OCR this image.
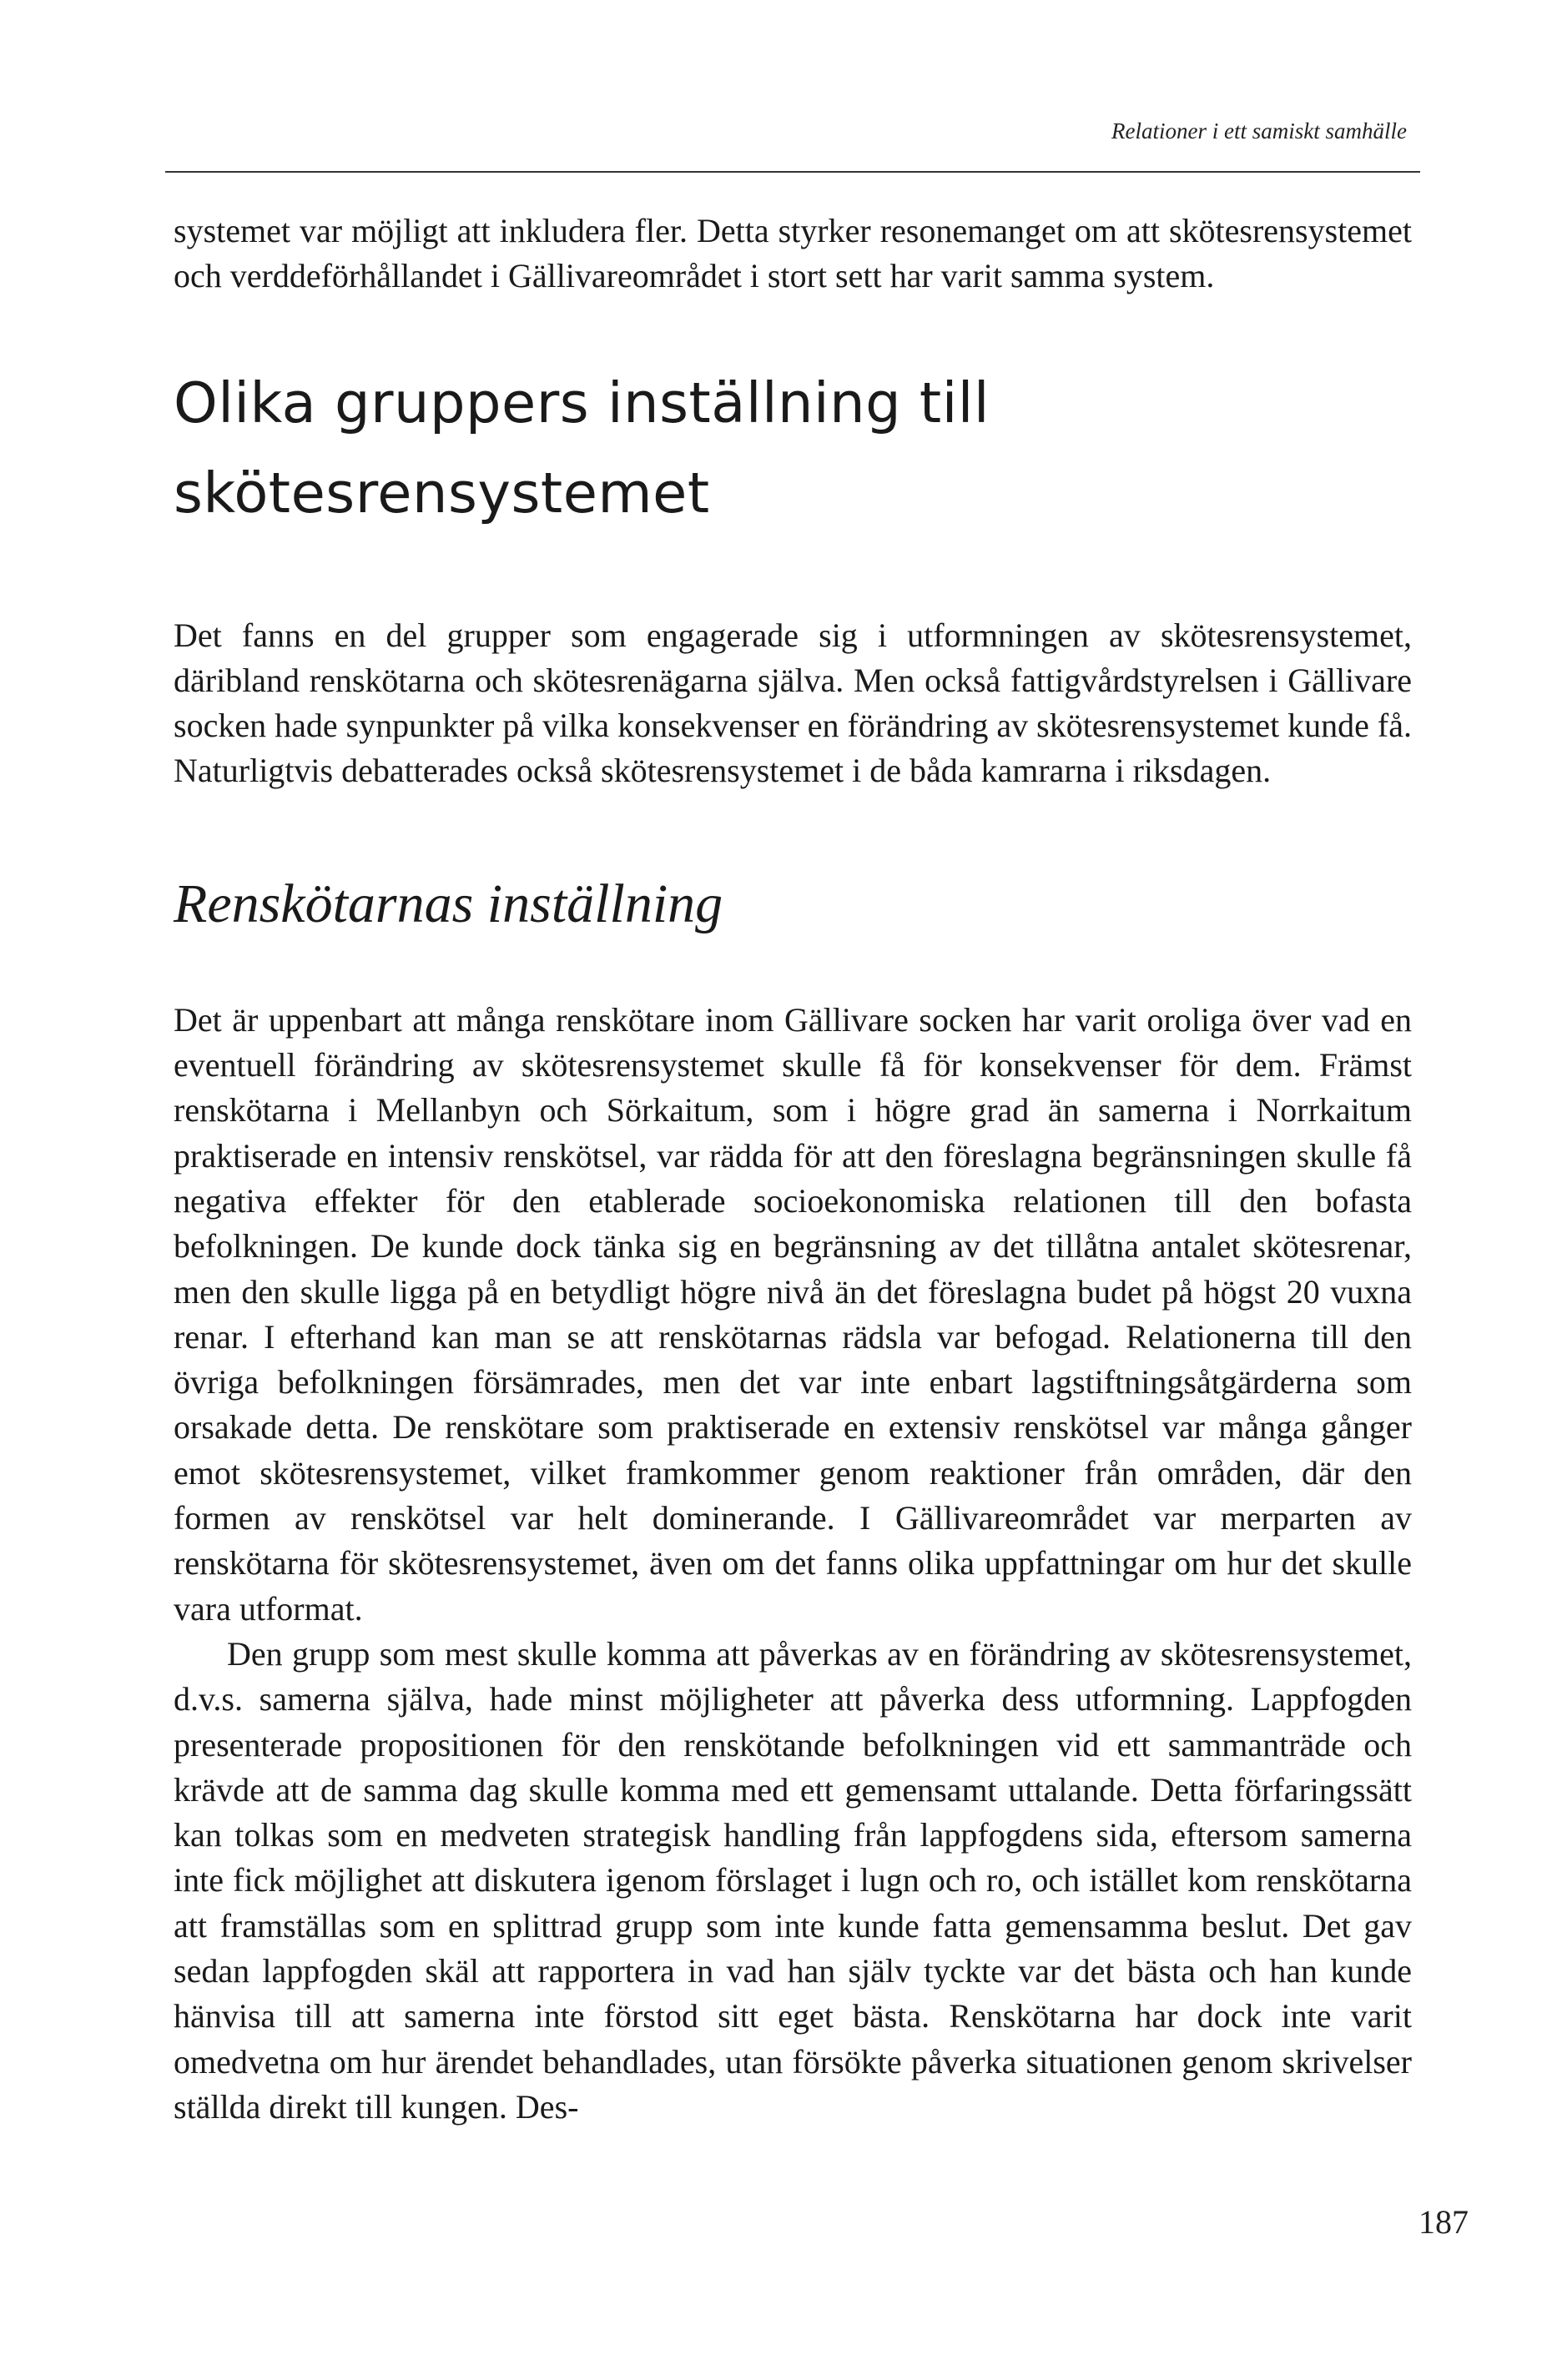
Relationer i ett samiskt samhälle

systemet var möjligt att inkludera fler. Detta styrker resonemanget om att skötesrensystemet och verddeförhållandet i Gällivareområdet i stort sett har varit samma system.

Olika gruppers inställning till skötesrensystemet

Det fanns en del grupper som engagerade sig i utformningen av skötesrensystemet, däribland renskötarna och skötesrenägarna själva. Men också fattigvårdstyrelsen i Gällivare socken hade synpunkter på vilka konsekvenser en förändring av skötesrensystemet kunde få. Naturligtvis debatterades också skötesrensystemet i de båda kamrarna i riksdagen.

Renskötarnas inställning

Det är uppenbart att många renskötare inom Gällivare socken har varit oroliga över vad en eventuell förändring av skötesrensystemet skulle få för konsekvenser för dem. Främst renskötarna i Mellanbyn och Sörkaitum, som i högre grad än samerna i Norrkaitum praktiserade en intensiv renskötsel, var rädda för att den föreslagna begränsningen skulle få negativa effekter för den etablerade socioekonomiska relationen till den bofasta befolkningen. De kunde dock tänka sig en begränsning av det tillåtna antalet skötesrenar, men den skulle ligga på en betydligt högre nivå än det föreslagna budet på högst 20 vuxna renar. I efterhand kan man se att renskötarnas rädsla var befogad. Relationerna till den övriga befolkningen försämrades, men det var inte enbart lagstiftningsåtgärderna som orsakade detta. De renskötare som praktiserade en extensiv renskötsel var många gånger emot skötesrensystemet, vilket framkommer genom reaktioner från områden, där den formen av renskötsel var helt dominerande. I Gällivareområdet var merparten av renskötarna för skötesrensystemet, även om det fanns olika uppfattningar om hur det skulle vara utformat.

Den grupp som mest skulle komma att påverkas av en förändring av skötesrensystemet, d.v.s. samerna själva, hade minst möjligheter att påverka dess utformning. Lappfogden presenterade propositionen för den renskötande befolkningen vid ett sammanträde och krävde att de samma dag skulle komma med ett gemensamt uttalande. Detta förfaringssätt kan tolkas som en medveten strategisk handling från lappfogdens sida, eftersom samerna inte fick möjlighet att diskutera igenom förslaget i lugn och ro, och istället kom renskötarna att framställas som en splittrad grupp som inte kunde fatta gemensamma beslut. Det gav sedan lappfogden skäl att rapportera in vad han själv tyckte var det bästa och han kunde hänvisa till att samerna inte förstod sitt eget bästa. Renskötarna har dock inte varit omedvetna om hur ärendet behandlades, utan försökte påverka situationen genom skrivelser ställda direkt till kungen. Des-

187
